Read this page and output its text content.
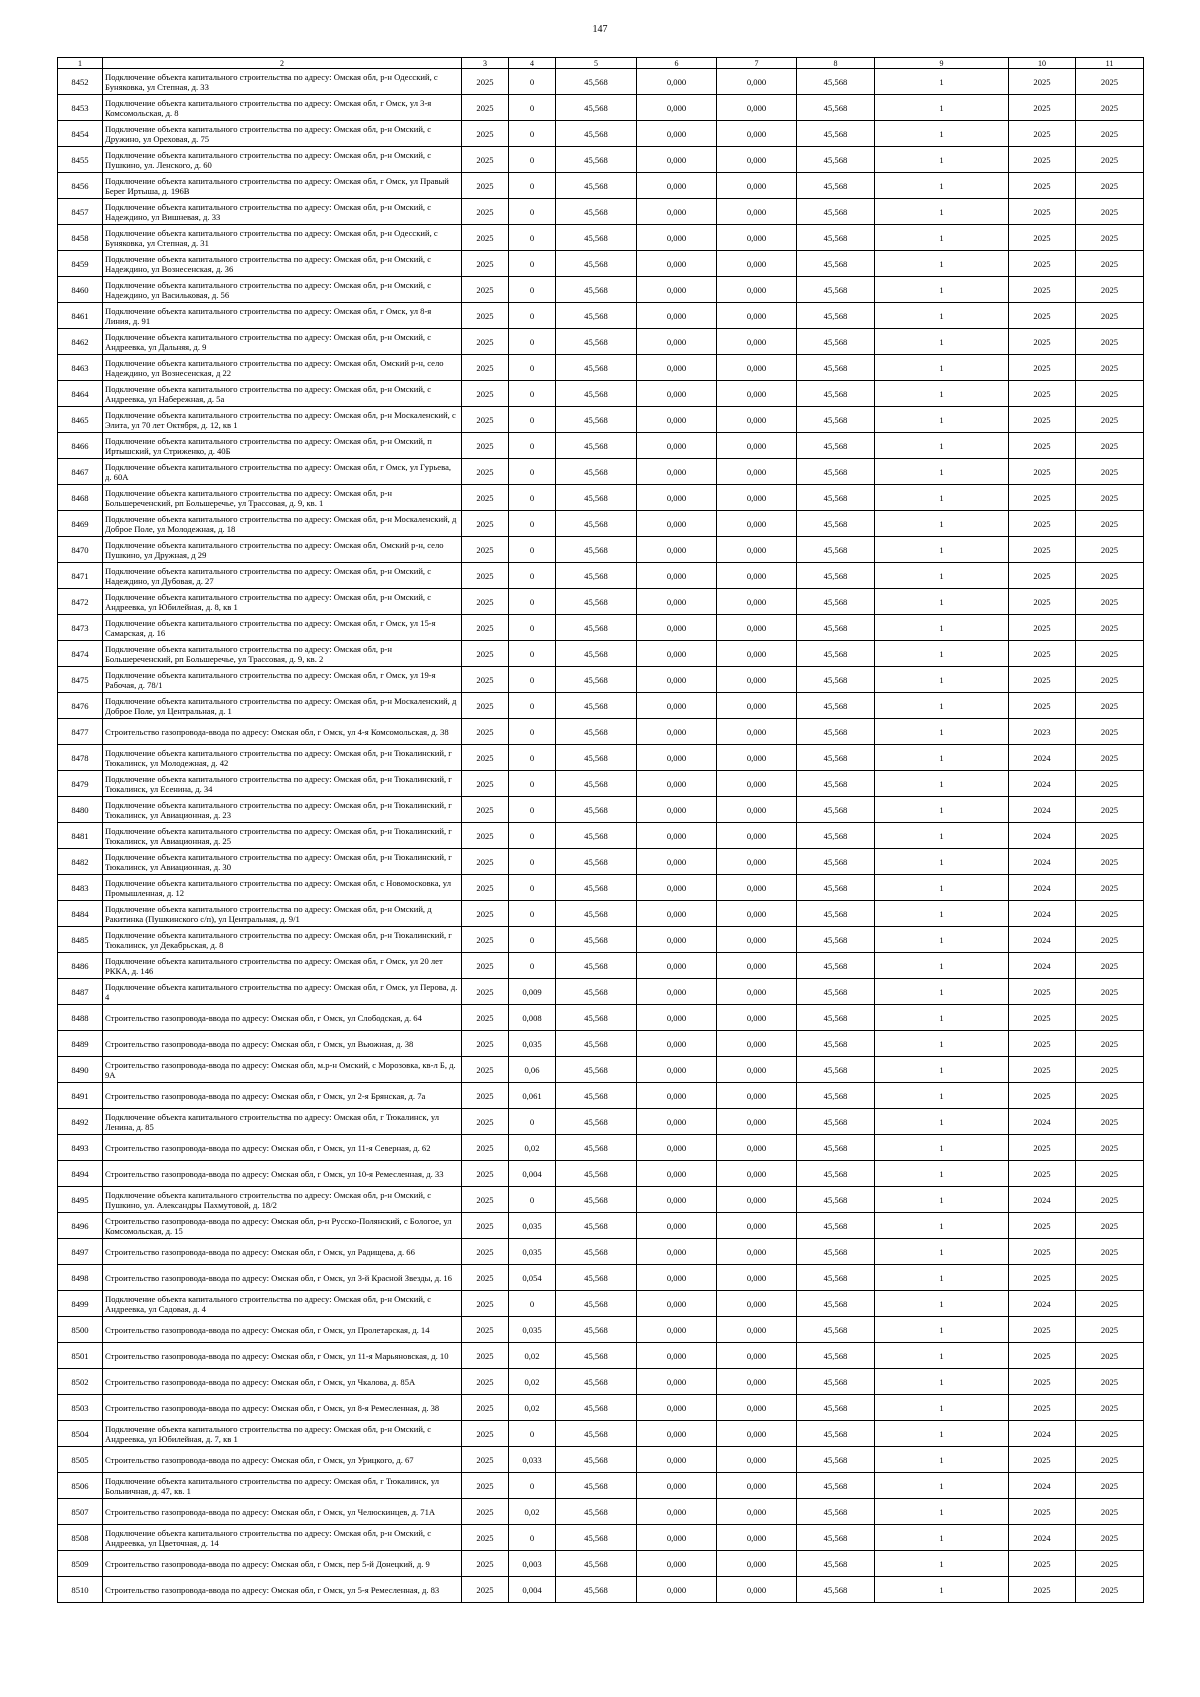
147
1	2	3	4	5	6	7	8	9	10	11
8452	Подключение объекта капитального строительства по адресу: Омская обл, р-н Одесский, с Буняковка, ул Степная, д. 33	2025	0	45,568	0,000	0,000	45,568	1	2025	2025
8453	Подключение объекта капитального строительства по адресу: Омская обл, г Омск, ул 3-я Комсомольская, д. 8	2025	0	45,568	0,000	0,000	45,568	1	2025	2025
8454	Подключение объекта капитального строительства по адресу: Омская обл, р-н Омский, с Дружино, ул Ореховая, д. 75	2025	0	45,568	0,000	0,000	45,568	1	2025	2025
8455	Подключение объекта капитального строительства по адресу: Омская обл, р-н Омский, с Пушкино, ул. Ленского, д. 60	2025	0	45,568	0,000	0,000	45,568	1	2025	2025
8456	Подключение объекта капитального строительства по адресу: Омская обл, г Омск, ул Правый Берег Иртыша, д. 196В	2025	0	45,568	0,000	0,000	45,568	1	2025	2025
8457	Подключение объекта капитального строительства по адресу: Омская обл, р-н Омский, с Надеждино, ул Вишневая, д. 33	2025	0	45,568	0,000	0,000	45,568	1	2025	2025
8458	Подключение объекта капитального строительства по адресу: Омская обл, р-н Одесский, с Буняковка, ул Степная, д. 31	2025	0	45,568	0,000	0,000	45,568	1	2025	2025
8459	Подключение объекта капитального строительства по адресу: Омская обл, р-н Омский, с Надеждино, ул Вознесенская, д. 36	2025	0	45,568	0,000	0,000	45,568	1	2025	2025
8460	Подключение объекта капитального строительства по адресу: Омская обл, р-н Омский, с Надеждино, ул Васильковая, д. 56	2025	0	45,568	0,000	0,000	45,568	1	2025	2025
8461	Подключение объекта капитального строительства по адресу: Омская обл, г Омск, ул 8-я Линия, д. 91	2025	0	45,568	0,000	0,000	45,568	1	2025	2025
8462	Подключение объекта капитального строительства по адресу: Омская обл, р-н Омский, с Андреевка, ул Дальняя, д. 9	2025	0	45,568	0,000	0,000	45,568	1	2025	2025
8463	Подключение объекта капитального строительства по адресу: Омская обл, Омский р-н, село Надеждино, ул Вознесенская, д 22	2025	0	45,568	0,000	0,000	45,568	1	2025	2025
8464	Подключение объекта капитального строительства по адресу: Омская обл, р-н Омский, с Андреевка, ул Набережная, д. 5а	2025	0	45,568	0,000	0,000	45,568	1	2025	2025
8465	Подключение объекта капитального строительства по адресу: Омская обл, р-н Москаленский, с Элита, ул 70 лет Октября, д. 12, кв 1	2025	0	45,568	0,000	0,000	45,568	1	2025	2025
8466	Подключение объекта капитального строительства по адресу: Омская обл, р-н Омский, п Иртышский, ул Стриженко, д. 40Б	2025	0	45,568	0,000	0,000	45,568	1	2025	2025
8467	Подключение объекта капитального строительства по адресу: Омская обл, г Омск, ул Гурьева, д. 60А	2025	0	45,568	0,000	0,000	45,568	1	2025	2025
8468	Подключение объекта капитального строительства по адресу: Омская обл, р-н Большереченский, рп Большеречье, ул Трассовая, д. 9, кв. 1	2025	0	45,568	0,000	0,000	45,568	1	2025	2025
8469	Подключение объекта капитального строительства по адресу: Омская обл, р-н Москаленский, д Доброе Поле, ул Молодежная, д. 18	2025	0	45,568	0,000	0,000	45,568	1	2025	2025
8470	Подключение объекта капитального строительства по адресу: Омская обл, Омский р-н, село Пушкино, ул Дружная, д 29	2025	0	45,568	0,000	0,000	45,568	1	2025	2025
8471	Подключение объекта капитального строительства по адресу: Омская обл, р-н Омский, с Надеждино, ул Дубовая, д. 27	2025	0	45,568	0,000	0,000	45,568	1	2025	2025
8472	Подключение объекта капитального строительства по адресу: Омская обл, р-н Омский, с Андреевка, ул Юбилейная, д. 8, кв 1	2025	0	45,568	0,000	0,000	45,568	1	2025	2025
8473	Подключение объекта капитального строительства по адресу: Омская обл, г Омск, ул 15-я Самарская, д. 16	2025	0	45,568	0,000	0,000	45,568	1	2025	2025
8474	Подключение объекта капитального строительства по адресу: Омская обл, р-н Большереченский, рп Большеречье, ул Трассовая, д. 9, кв. 2	2025	0	45,568	0,000	0,000	45,568	1	2025	2025
8475	Подключение объекта капитального строительства по адресу: Омская обл, г Омск, ул 19-я Рабочая, д. 78/1	2025	0	45,568	0,000	0,000	45,568	1	2025	2025
8476	Подключение объекта капитального строительства по адресу: Омская обл, р-н Москаленский, д Доброе Поле, ул Центральная, д. 1	2025	0	45,568	0,000	0,000	45,568	1	2025	2025
8477	Строительство газопровода-ввода по адресу: Омская обл, г Омск, ул 4-я Комсомольская, д. 38	2025	0	45,568	0,000	0,000	45,568	1	2023	2025
8478	Подключение объекта капитального строительства по адресу: Омская обл, р-н Тюкалинский, г Тюкалинск, ул Молодежная, д. 42	2025	0	45,568	0,000	0,000	45,568	1	2024	2025
8479	Подключение объекта капитального строительства по адресу: Омская обл, р-н Тюкалинский, г Тюкалинск, ул Есенина, д. 34	2025	0	45,568	0,000	0,000	45,568	1	2024	2025
8480	Подключение объекта капитального строительства по адресу: Омская обл, р-н Тюкалинский, г Тюкалинск, ул Авиационная, д. 23	2025	0	45,568	0,000	0,000	45,568	1	2024	2025
8481	Подключение объекта капитального строительства по адресу: Омская обл, р-н Тюкалинский, г Тюкалинск, ул Авиационная, д. 25	2025	0	45,568	0,000	0,000	45,568	1	2024	2025
8482	Подключение объекта капитального строительства по адресу: Омская обл, р-н Тюкалинский, г Тюкалинск, ул Авиационная, д. 30	2025	0	45,568	0,000	0,000	45,568	1	2024	2025
8483	Подключение объекта капитального строительства по адресу: Омская обл, с Новомосковка, ул Промышленная, д. 12	2025	0	45,568	0,000	0,000	45,568	1	2024	2025
8484	Подключение объекта капитального строительства по адресу: Омская обл, р-н Омский, д Ракитинка (Пушкинского с/п), ул Центральная, д. 9/1	2025	0	45,568	0,000	0,000	45,568	1	2024	2025
8485	Подключение объекта капитального строительства по адресу: Омская обл, р-н Тюкалинский, г Тюкалинск, ул Декабрьская, д. 8	2025	0	45,568	0,000	0,000	45,568	1	2024	2025
8486	Подключение объекта капитального строительства по адресу: Омская обл, г Омск, ул 20 лет РККА, д. 146	2025	0	45,568	0,000	0,000	45,568	1	2024	2025
8487	Подключение объекта капитального строительства по адресу: Омская обл, г Омск, ул Перова, д. 4	2025	0,009	45,568	0,000	0,000	45,568	1	2025	2025
8488	Строительство газопровода-ввода по адресу: Омская обл, г Омск, ул Слободская, д. 64	2025	0,008	45,568	0,000	0,000	45,568	1	2025	2025
8489	Строительство газопровода-ввода по адресу: Омская обл, г Омск, ул Вьюжная, д. 38	2025	0,035	45,568	0,000	0,000	45,568	1	2025	2025
8490	Строительство газопровода-ввода по адресу: Омская обл, м.р-н Омский, с Морозовка, кв-л Б, д. 9А	2025	0,06	45,568	0,000	0,000	45,568	1	2025	2025
8491	Строительство газопровода-ввода по адресу: Омская обл, г Омск, ул 2-я Брянская, д. 7а	2025	0,061	45,568	0,000	0,000	45,568	1	2025	2025
8492	Подключение объекта капитального строительства по адресу: Омская обл, г Тюкалинск, ул Ленина, д. 85	2025	0	45,568	0,000	0,000	45,568	1	2024	2025
8493	Строительство газопровода-ввода по адресу: Омская обл, г Омск, ул 11-я Северная, д. 62	2025	0,02	45,568	0,000	0,000	45,568	1	2025	2025
8494	Строительство газопровода-ввода по адресу: Омская обл, г Омск, ул 10-я Ремесленная, д. 33	2025	0,004	45,568	0,000	0,000	45,568	1	2025	2025
8495	Подключение объекта капитального строительства по адресу: Омская обл, р-н Омский, с Пушкино, ул. Александры Пахмутовой, д. 18/2	2025	0	45,568	0,000	0,000	45,568	1	2024	2025
8496	Строительство газопровода-ввода по адресу: Омская обл, р-н Русско-Полянский, с Бологое, ул Комсомольская, д. 15	2025	0,035	45,568	0,000	0,000	45,568	1	2025	2025
8497	Строительство газопровода-ввода по адресу: Омская обл, г Омск, ул Радищева, д. 66	2025	0,035	45,568	0,000	0,000	45,568	1	2025	2025
8498	Строительство газопровода-ввода по адресу: Омская обл, г Омск, ул 3-й Красной Звезды, д. 16	2025	0,054	45,568	0,000	0,000	45,568	1	2025	2025
8499	Подключение объекта капитального строительства по адресу: Омская обл, р-н Омский, с Андреевка, ул Садовая, д. 4	2025	0	45,568	0,000	0,000	45,568	1	2024	2025
8500	Строительство газопровода-ввода по адресу: Омская обл, г Омск, ул Пролетарская, д. 14	2025	0,035	45,568	0,000	0,000	45,568	1	2025	2025
8501	Строительство газопровода-ввода по адресу: Омская обл, г Омск, ул 11-я Марьяновская, д. 10	2025	0,02	45,568	0,000	0,000	45,568	1	2025	2025
8502	Строительство газопровода-ввода по адресу: Омская обл, г Омск, ул Чкалова, д. 85А	2025	0,02	45,568	0,000	0,000	45,568	1	2025	2025
8503	Строительство газопровода-ввода по адресу: Омская обл, г Омск, ул 8-я Ремесленная, д. 38	2025	0,02	45,568	0,000	0,000	45,568	1	2025	2025
8504	Подключение объекта капитального строительства по адресу: Омская обл, р-н Омский, с Андреевка, ул Юбилейная, д. 7, кв 1	2025	0	45,568	0,000	0,000	45,568	1	2024	2025
8505	Строительство газопровода-ввода по адресу: Омская обл, г Омск, ул Урицкого, д. 67	2025	0,033	45,568	0,000	0,000	45,568	1	2025	2025
8506	Подключение объекта капитального строительства по адресу: Омская обл, г Тюкалинск, ул Больничная, д. 47, кв. 1	2025	0	45,568	0,000	0,000	45,568	1	2024	2025
8507	Строительство газопровода-ввода по адресу: Омская обл, г Омск, ул Челюскинцев, д. 71А	2025	0,02	45,568	0,000	0,000	45,568	1	2025	2025
8508	Подключение объекта капитального строительства по адресу: Омская обл, р-н Омский, с Андреевка, ул Цветочная, д. 14	2025	0	45,568	0,000	0,000	45,568	1	2024	2025
8509	Строительство газопровода-ввода по адресу: Омская обл, г Омск, пер 5-й Донецкий, д. 9	2025	0,003	45,568	0,000	0,000	45,568	1	2025	2025
8510	Строительство газопровода-ввода по адресу: Омская обл, г Омск, ул 5-я Ремесленная, д. 83	2025	0,004	45,568	0,000	0,000	45,568	1	2025	2025
